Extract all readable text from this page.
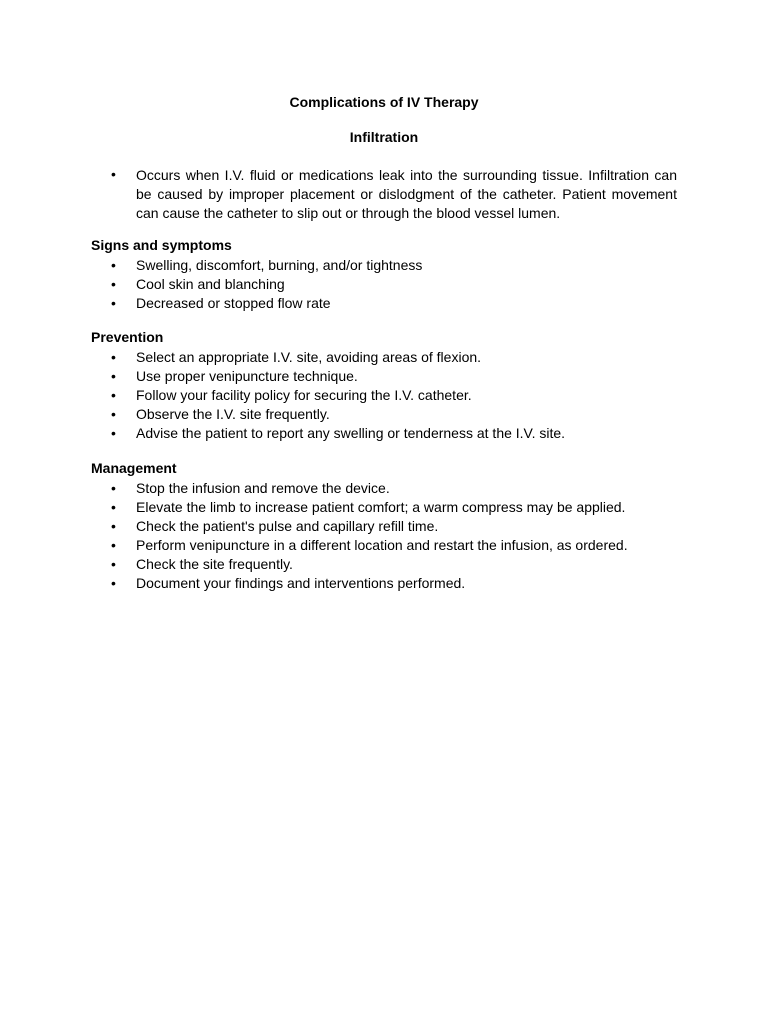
Complications of IV Therapy
Infiltration
• Occurs when I.V. fluid or medications leak into the surrounding tissue. Infiltration can be caused by improper placement or dislodgment of the catheter. Patient movement can cause the catheter to slip out or through the blood vessel lumen.
Signs and symptoms
• Swelling, discomfort, burning, and/or tightness
• Cool skin and blanching
• Decreased or stopped flow rate
Prevention
• Select an appropriate I.V. site, avoiding areas of flexion.
• Use proper venipuncture technique.
• Follow your facility policy for securing the I.V. catheter.
• Observe the I.V. site frequently.
• Advise the patient to report any swelling or tenderness at the I.V. site.
Management
• Stop the infusion and remove the device.
• Elevate the limb to increase patient comfort; a warm compress may be applied.
• Check the patient's pulse and capillary refill time.
• Perform venipuncture in a different location and restart the infusion, as ordered.
• Check the site frequently.
• Document your findings and interventions performed.
